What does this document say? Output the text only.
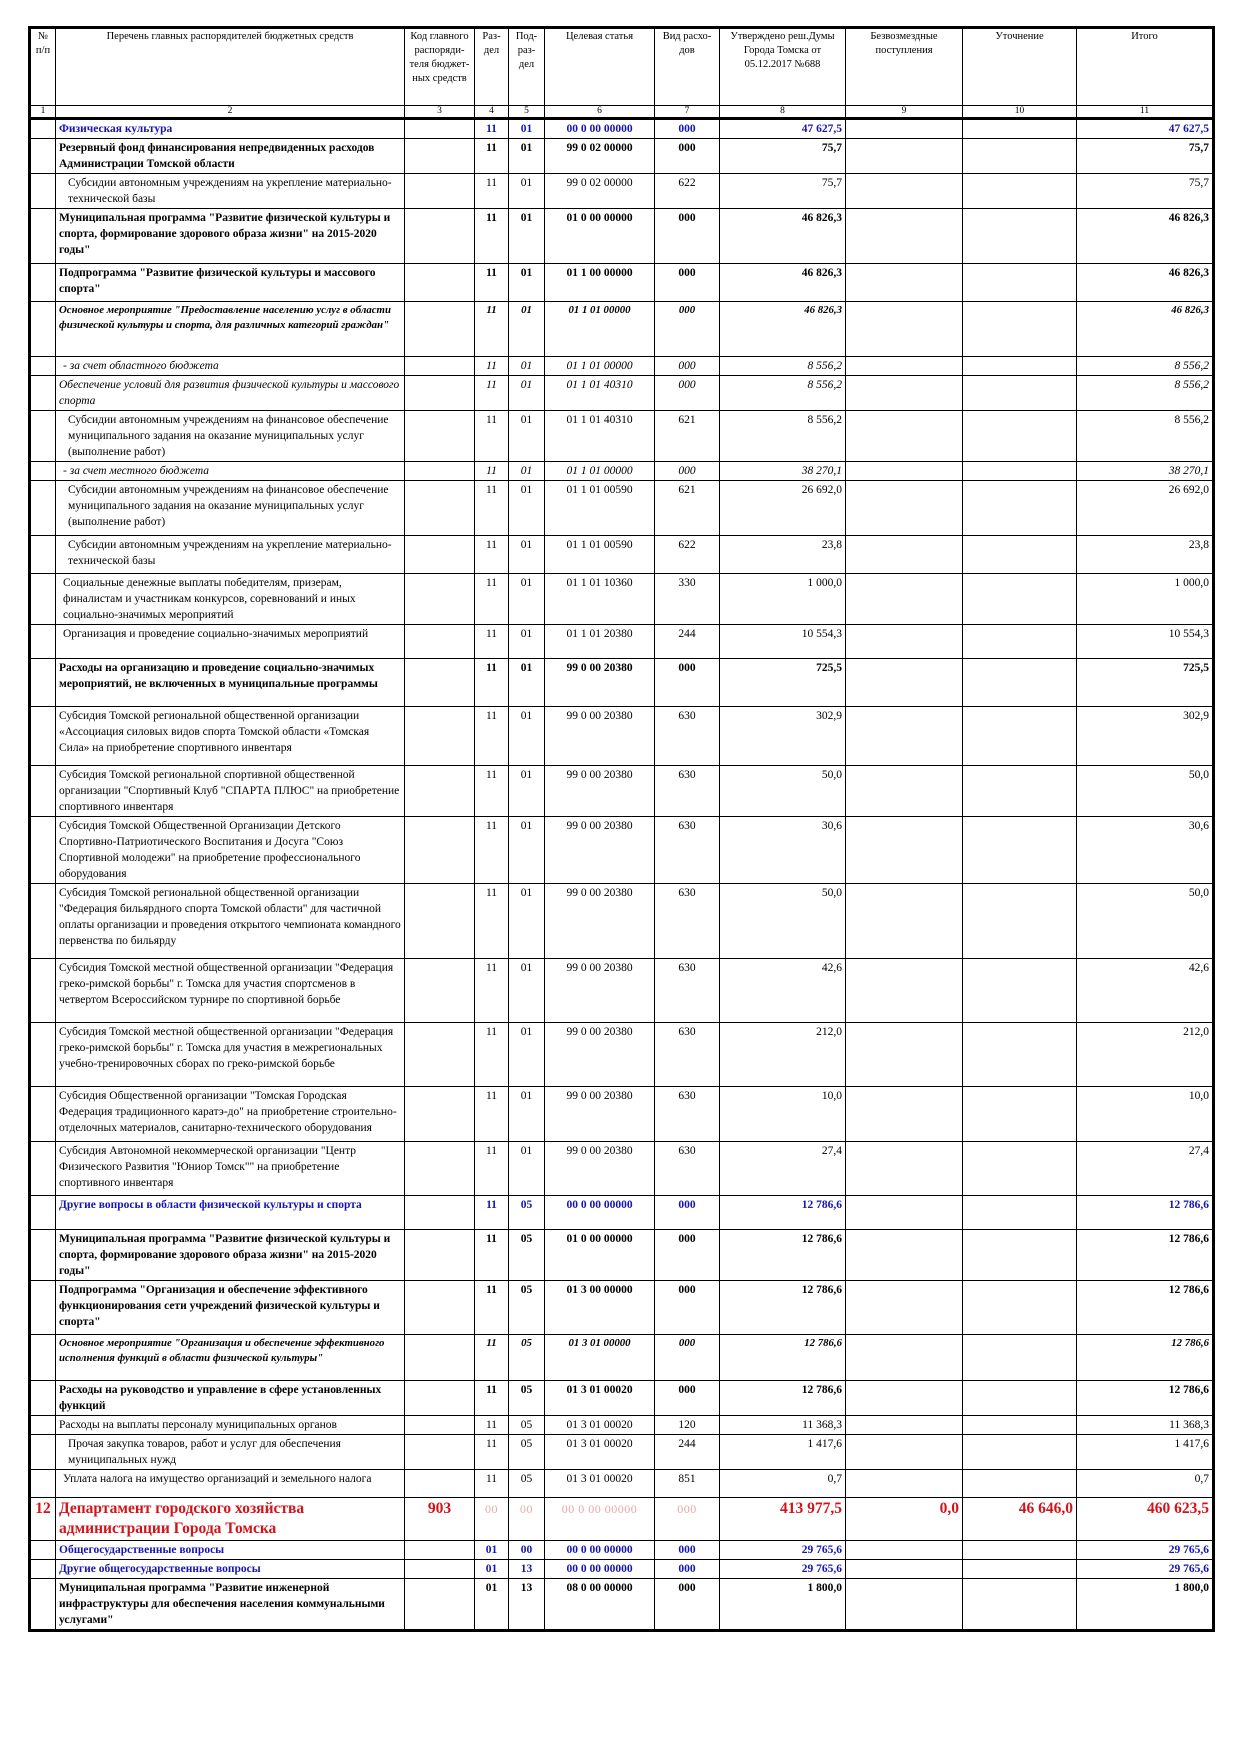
№ п/п	Перечень главных распорядителей бюджетных средств	Код главного распоряди-теля бюджет-ных средств	Раз-дел	Под-раз-дел	Целевая статья	Вид расхо-дов	Утверждено реш.Думы Города Томска от 05.12.2017 №688	Безвозмездные поступления	Уточнение	Итого
1	2	3	4	5	6	7	8	9	10	11
	Физическая культура		11	01	00 0 00 00000	000	47 627,5			47 627,5
	Резервный фонд финансирования непредвиденных расходов Администрации Томской области		11	01	99 0 02 00000	000	75,7			75,7
	Субсидии автономным учреждениям на укрепление материально-технической базы		11	01	99 0 02 00000	622	75,7			75,7
	Муниципальная программа "Развитие физической культуры и спорта, формирование здорового образа жизни" на 2015-2020 годы"		11	01	01 0 00 00000	000	46 826,3			46 826,3
	Подпрограмма "Развитие физической культуры и массового спорта"		11	01	01 1 00 00000	000	46 826,3			46 826,3
	Основное мероприятие "Предоставление населению услуг в области физической культуры и спорта, для различных категорий граждан"		11	01	01 1 01 00000	000	46 826,3			46 826,3
	- за счет областного бюджета		11	01	01 1 01 00000	000	8 556,2			8 556,2
	Обеспечение условий для развития физической культуры и массового спорта		11	01	01 1 01 40310	000	8 556,2			8 556,2
	Субсидии автономным учреждениям на финансовое обеспечение муниципального задания на оказание муниципальных услуг (выполнение работ)		11	01	01 1 01 40310	621	8 556,2			8 556,2
	- за счет местного бюджета		11	01	01 1 01 00000	000	38 270,1			38 270,1
	Субсидии автономным учреждениям на финансовое обеспечение муниципального задания на оказание муниципальных услуг (выполнение работ)		11	01	01 1 01 00590	621	26 692,0			26 692,0
	Субсидии автономным учреждениям на укрепление материально-технической базы		11	01	01 1 01 00590	622	23,8			23,8
	Социальные денежные выплаты победителям, призерам, финалистам и участникам конкурсов, соревнований и иных социально-значимых мероприятий		11	01	01 1 01 10360	330	1 000,0			1 000,0
	Организация и проведение социально-значимых мероприятий		11	01	01 1 01 20380	244	10 554,3			10 554,3
	Расходы на организацию и проведение социально-значимых мероприятий, не включенных в муниципальные программы		11	01	99 0 00 20380	000	725,5			725,5
	Субсидия Томской региональной общественной организации «Ассоциация силовых видов спорта Томской области «Томская Сила» на приобретение спортивного инвентаря		11	01	99 0 00 20380	630	302,9			302,9
	Субсидия Томской региональной спортивной общественной организации "Спортивный Клуб "СПАРТА ПЛЮС" на приобретение спортивного инвентаря		11	01	99 0 00 20380	630	50,0			50,0
	Субсидия Томской Общественной Организации Детского Спортивно-Патриотического Воспитания и Досуга "Союз Спортивной молодежи" на приобретение профессионального оборудования		11	01	99 0 00 20380	630	30,6			30,6
	Субсидия Томской региональной общественной организации "Федерация бильярдного спорта Томской области" для частичной оплаты организации и проведения открытого чемпионата командного первенства по бильярду		11	01	99 0 00 20380	630	50,0			50,0
	Субсидия Томской местной общественной организации "Федерация греко-римской борьбы" г. Томска для участия спортсменов в четвертом Всероссийском турнире по спортивной борьбе		11	01	99 0 00 20380	630	42,6			42,6
	Субсидия Томской местной общественной организации "Федерация греко-римской борьбы" г. Томска для участия в межрегиональных учебно-тренировочных сборах по греко-римской борьбе		11	01	99 0 00 20380	630	212,0			212,0
	Субсидия Общественной организации "Томская Городская Федерация традиционного каратэ-до" на приобретение строительно-отделочных материалов, санитарно-технического оборудования		11	01	99 0 00 20380	630	10,0			10,0
	Субсидия Автономной некоммерческой организации "Центр Физического Развития "Юниор Томск"" на приобретение спортивного инвентаря		11	01	99 0 00 20380	630	27,4			27,4
	Другие вопросы в области физической культуры и спорта		11	05	00 0 00 00000	000	12 786,6			12 786,6
	Муниципальная программа "Развитие физической культуры и спорта, формирование здорового образа жизни" на 2015-2020 годы"		11	05	01 0 00 00000	000	12 786,6			12 786,6
	Подпрограмма "Организация и обеспечение эффективного функционирования сети учреждений физической культуры и спорта"		11	05	01 3 00 00000	000	12 786,6			12 786,6
	Основное мероприятие "Организация и обеспечение эффективного исполнения функций в области физической культуры"		11	05	01 3 01 00000	000	12 786,6			12 786,6
	Расходы на руководство и управление в сфере установленных функций		11	05	01 3 01 00020	000	12 786,6			12 786,6
	Расходы на выплаты персоналу муниципальных органов		11	05	01 3 01 00020	120	11 368,3			11 368,3
	Прочая закупка товаров, работ и услуг для обеспечения муниципальных нужд		11	05	01 3 01 00020	244	1 417,6			1 417,6
	Уплата налога на имущество организаций и земельного налога		11	05	01 3 01 00020	851	0,7			0,7
12	Департамент городского хозяйства администрации Города Томска	903	00	00	00 0 00 00000	000	413 977,5	0,0	46 646,0	460 623,5
	Общегосударственные вопросы		01	00	00 0 00 00000	000	29 765,6			29 765,6
	Другие общегосударственные вопросы		01	13	00 0 00 00000	000	29 765,6			29 765,6
	Муниципальная программа "Развитие инженерной инфраструктуры для обеспечения населения коммунальными услугами"		01	13	08 0 00 00000	000	1 800,0			1 800,0
